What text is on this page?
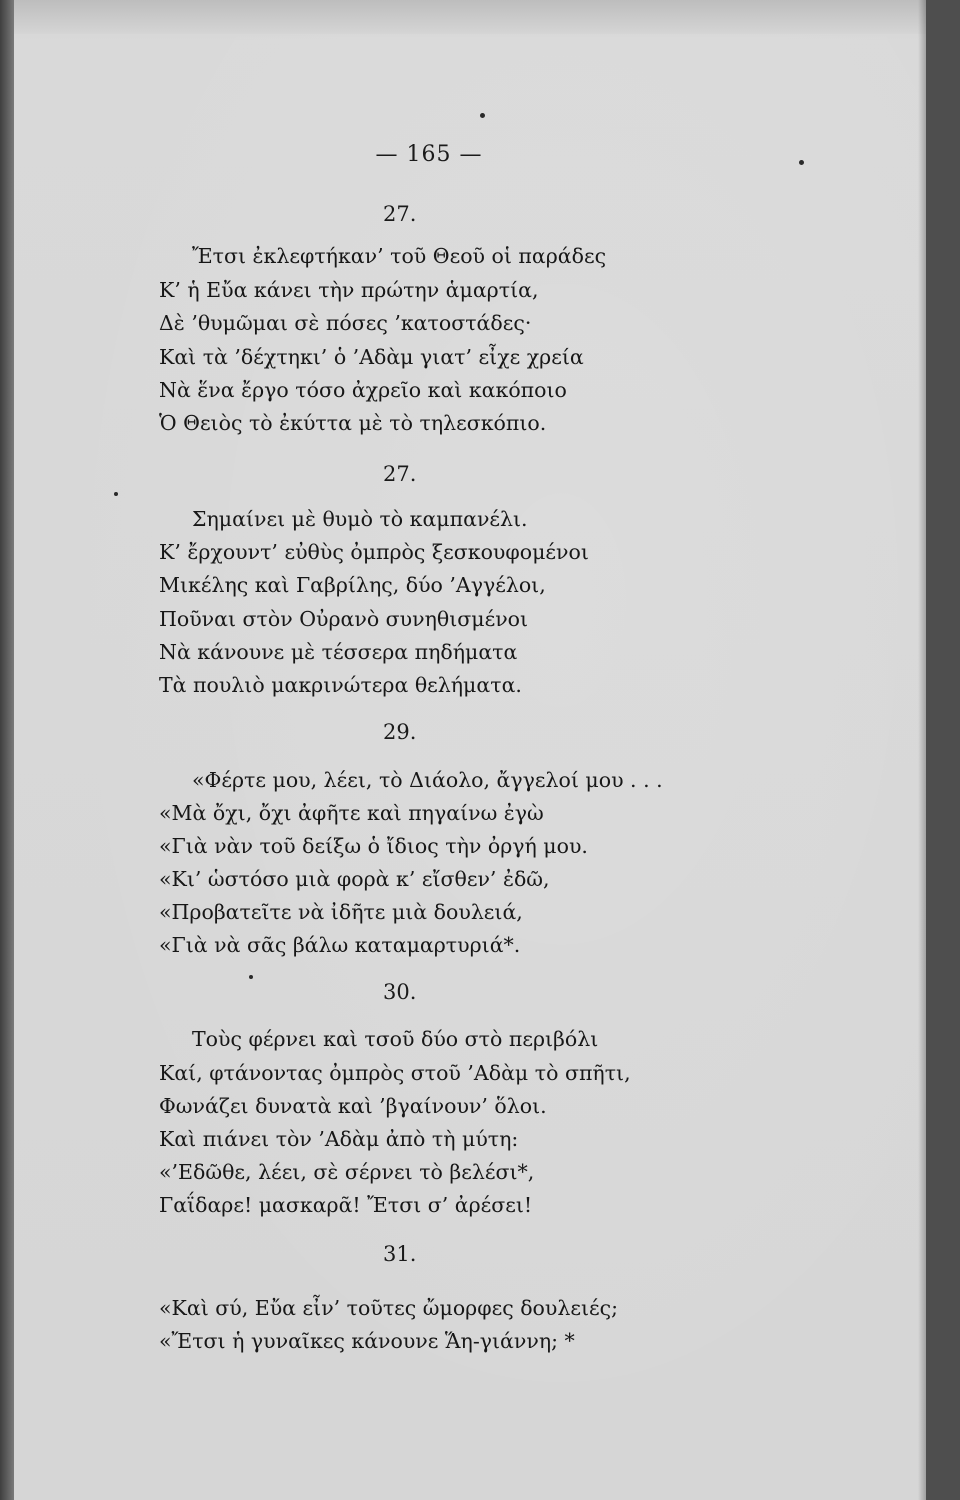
— 165 —
27.
Ἔτσι ἐκλεφτήκαν’ τοῦ Θεοῦ οἱ παράδες
Κ’ ἡ Εὔα κάνει τὴν πρώτην ἁμαρτία,
Δὲ ’θυμῶμαι σὲ πόσες ’κατοστάδες·
Καὶ τὰ ’δέχτηκι’ ὁ ’Αδὰμ γιατ’ εἶχε χρεία
Νὰ ἕνα ἔργο τόσο ἀχρεῖο καὶ κακόποιο
Ὁ Θειὸς τὸ ἐκύττα μὲ τὸ τηλεσκόπιο.
27.
Σημαίνει μὲ θυμὸ τὸ καμπανέλι.
Κ’ ἔρχουντ’ εὐθὺς ὀμπρὸς ξεσκουφομένοι
Μικέλης καὶ Γαβρίλης, δύο ’Αγγέλοι,
Ποῦναι στὸν Οὐρανὸ συνηθισμένοι
Νὰ κάνουνε μὲ τέσσερα πηδήματα
Τὰ πουλιὸ μακρινώτερα θελήματα.
29.
«Φέρτε μου, λέει, τὸ Διάολο, ἄγγελοί μου . . .
«Μὰ ὄχι, ὄχι ἀφῆτε καὶ πηγαίνω ἐγὼ
«Γιὰ νὰν τοῦ δείξω ὁ ἴδιος τὴν ὀργή μου.
«Κι’ ὡστόσο μιὰ φορὰ κ’ εἴσθεν’ ἐδῶ,
«Προβατεῖτε νὰ ἰδῆτε μιὰ δουλειά,
«Γιὰ νὰ σᾶς βάλω καταμαρτυριά*.
30.
Τοὺς φέρνει καὶ τσοῦ δύο στὸ περιβόλι
Καί, φτάνοντας ὀμπρὸς στοῦ ’Αδὰμ τὸ σπῆτι,
Φωνάζει δυνατὰ καὶ ’βγαίνουν’ ὅλοι.
Καὶ πιάνει τὸν ’Αδὰμ ἀπὸ τὴ μύτη:
«’Εδῶθε, λέει, σὲ σέρνει τὸ βελέσι*,
Γαΐδαρε! μασκαρᾶ! Ἔτσι σ’ ἀρέσει!
31.
«Καὶ σύ, Εὔα εἶν’ τοῦτες ὤμορφες δουλειές;
«Ἔτσι ἡ γυναῖκες κάνουνε Ἅη-γιάννη; *
